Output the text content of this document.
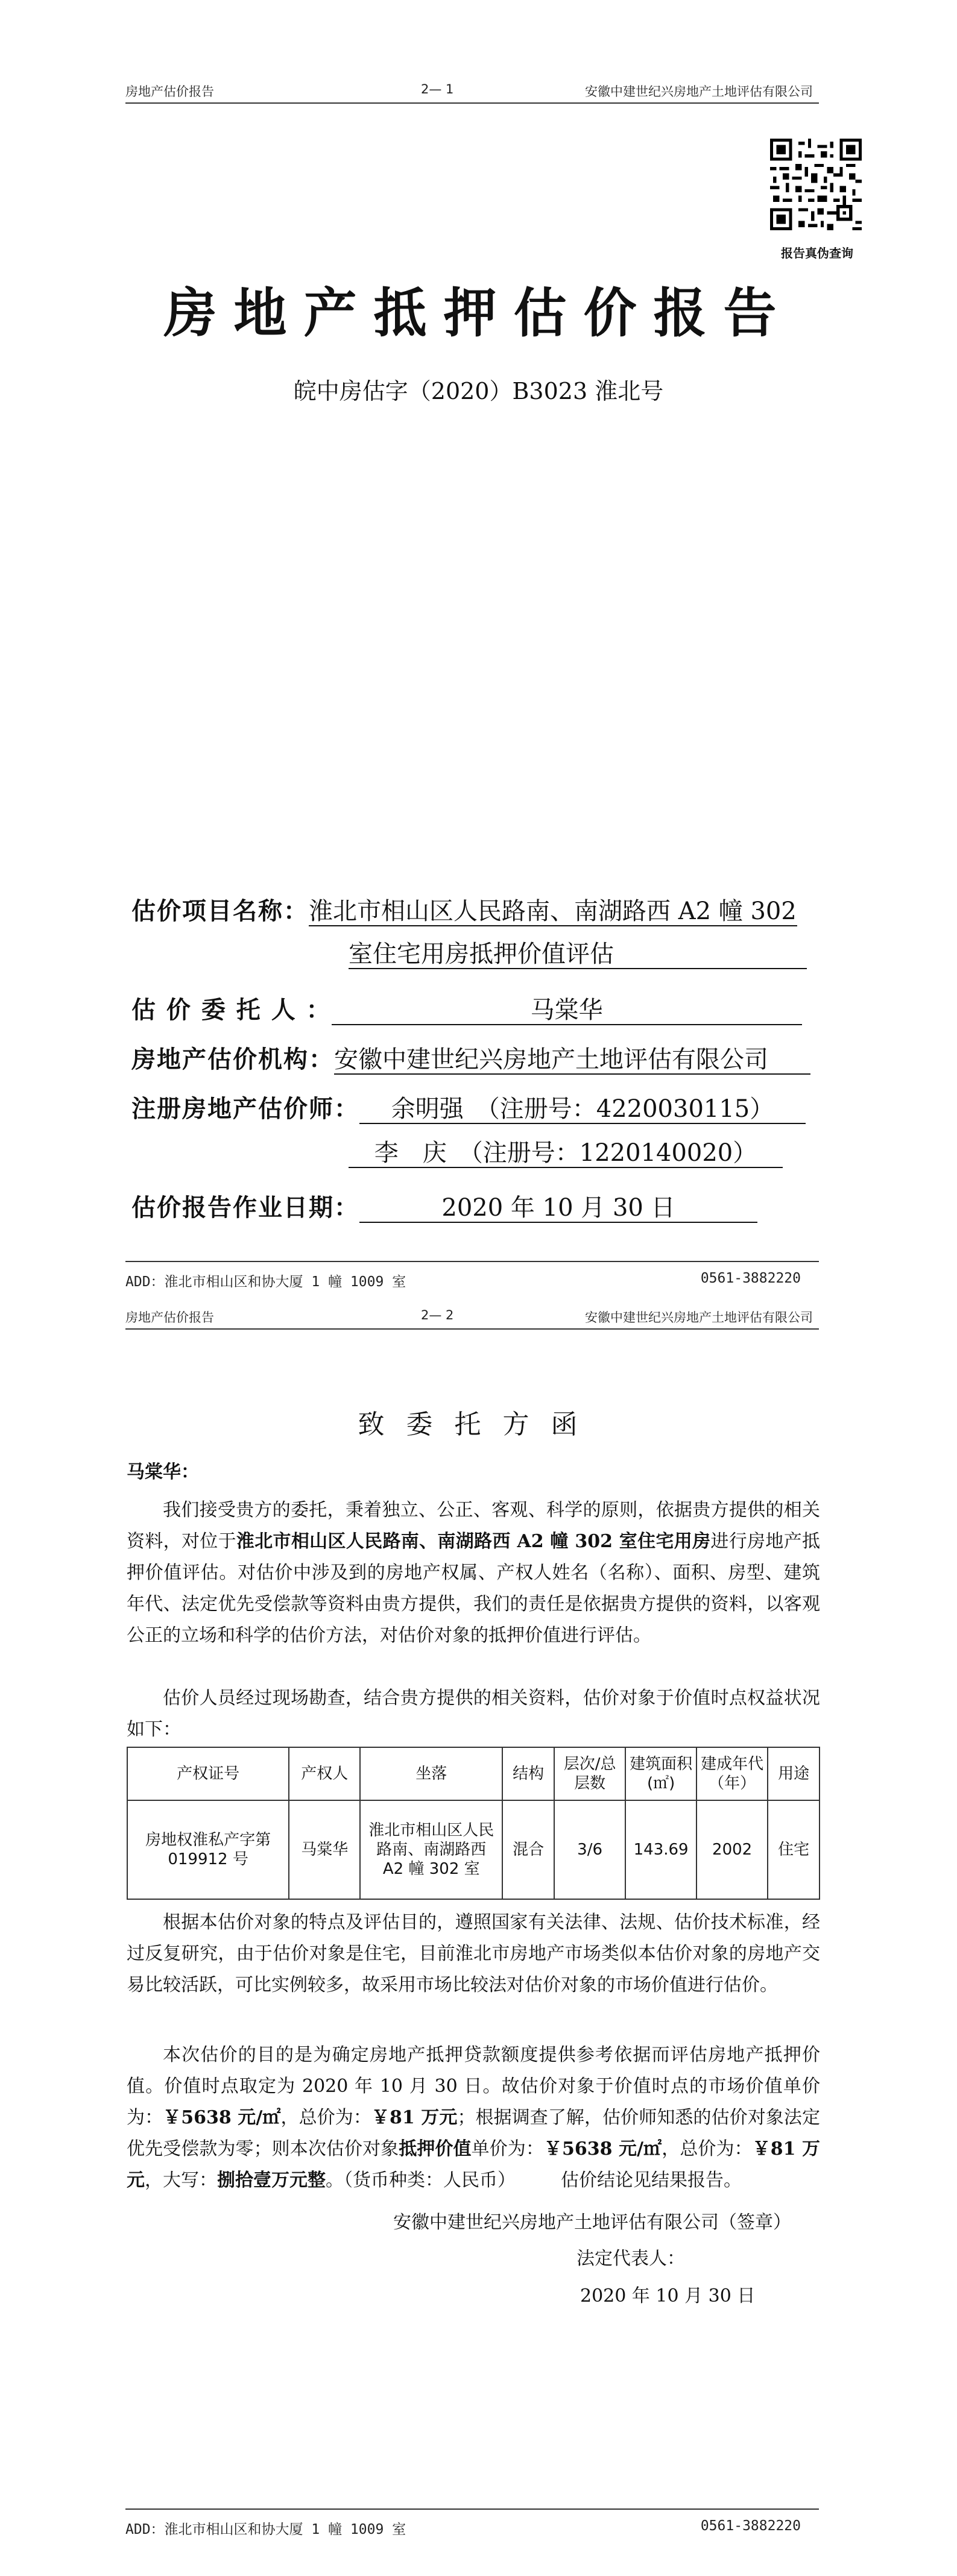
房地产估价报告	2— 1	安徽中建世纪兴房地产土地评估有限公司
报告真伪查询
房地产抵押估价报告
皖中房估字（2020）B3023 淮北号
估价项目名称：淮北市相山区人民路南、南湖路西 A2 幢 302
室住宅用房抵押价值评估
估 价 委 托 人 ：	马棠华
房地产估价机构：安徽中建世纪兴房地产土地评估有限公司
注册房地产估价师： 余明强　（注册号：4220030115）
李　庆　（注册号：1220140020）
估价报告作业日期：	2020 年 10 月 30 日
ADD：淮北市相山区和协大厦 1 幢 1009 室	0561-3882220
房地产估价报告	2— 2	安徽中建世纪兴房地产土地评估有限公司
致委托方函
马棠华：
我们接受贵方的委托，秉着独立、公正、客观、科学的原则，依据贵方提供的相关资料，对位于淮北市相山区人民路南、南湖路西 A2 幢 302 室住宅用房进行房地产抵押价值评估。对估价中涉及到的房地产权属、产权人姓名（名称）、面积、房型、建筑年代、法定优先受偿款等资料由贵方提供，我们的责任是依据贵方提供的资料，以客观公正的立场和科学的估价方法，对估价对象的抵押价值进行评估。
估价人员经过现场勘查，结合贵方提供的相关资料，估价对象于价值时点权益状况如下：
产权证号	产权人	坐落	结构	层次/总层数	建筑面积(㎡)	建成年代（年）	用途
房地权淮私产字第 019912 号	马棠华	淮北市相山区人民路南、南湖路西 A2 幢 302 室	混合	3/6	143.69	2002	住宅
根据本估价对象的特点及评估目的，遵照国家有关法律、法规、估价技术标准，经过反复研究，由于估价对象是住宅，目前淮北市房地产市场类似本估价对象的房地产交易比较活跃，可比实例较多，故采用市场比较法对估价对象的市场价值进行估价。
本次估价的目的是为确定房地产抵押贷款额度提供参考依据而评估房地产抵押价值。价值时点取定为 2020 年 10 月 30 日。故估价对象于价值时点的市场价值单价为：￥5638 元/㎡，总价为：￥81 万元；根据调查了解，估价师知悉的估价对象法定优先受偿款为零；则本次估价对象抵押价值单价为：￥5638 元/㎡，总价为：￥81 万元，大写：捌拾壹万元整。（货币种类：人民币）　　　估价结论见结果报告。
安徽中建世纪兴房地产土地评估有限公司（签章）
法定代表人：
2020 年 10 月 30 日
ADD：淮北市相山区和协大厦 1 幢 1009 室	0561-3882220
